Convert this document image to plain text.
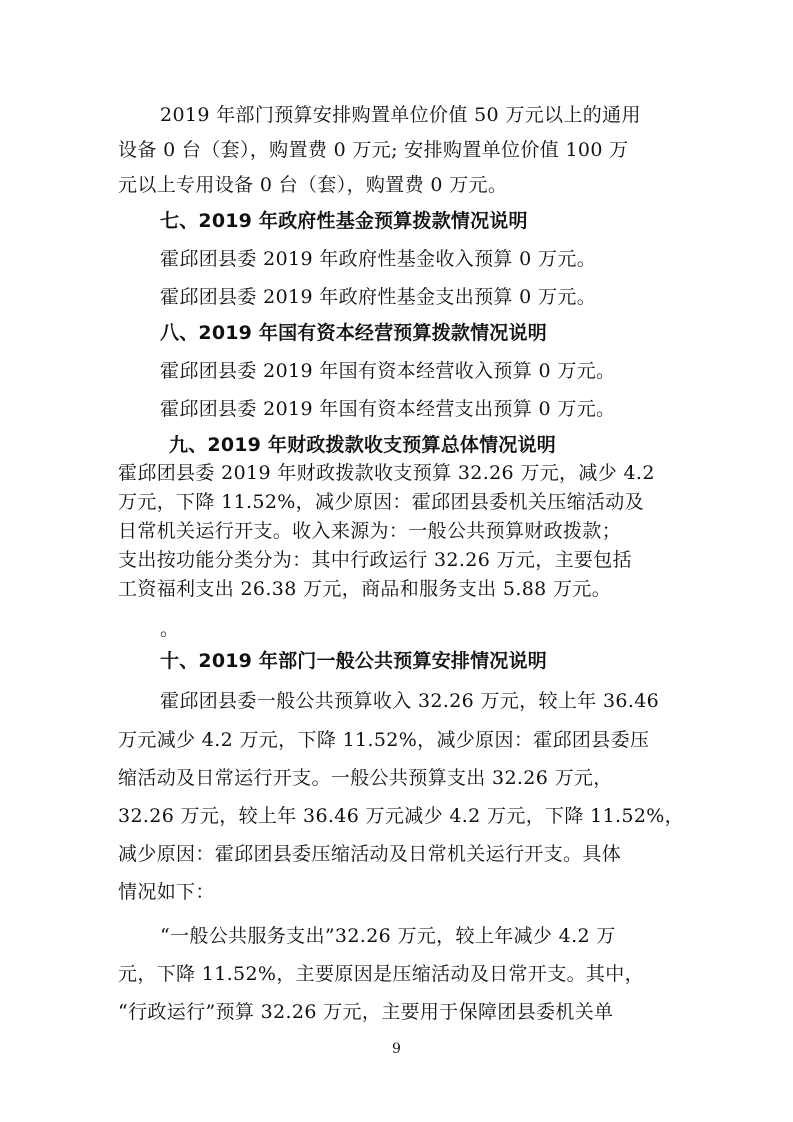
2019 年部门预算安排购置单位价值 50 万元以上的通用
设备 0 台（套），购置费 0 万元; 安排购置单位价值 100 万
元以上专用设备 0 台（套），购置费 0 万元。
七、2019 年政府性基金预算拨款情况说明
霍邱团县委 2019 年政府性基金收入预算 0 万元。
霍邱团县委 2019 年政府性基金支出预算 0 万元。
八、2019 年国有资本经营预算拨款情况说明
霍邱团县委 2019 年国有资本经营收入预算 0 万元。
霍邱团县委 2019 年国有资本经营支出预算 0 万元。
九、2019 年财政拨款收支预算总体情况说明
霍邱团县委 2019 年财政拨款收支预算 32.26 万元，减少 4.2
万元，下降 11.52%，减少原因：霍邱团县委机关压缩活动及
日常机关运行开支。收入来源为：一般公共预算财政拨款；
支出按功能分类分为：其中行政运行 32.26 万元，主要包括
工资福利支出 26.38 万元，商品和服务支出 5.88 万元。
。
十、2019 年部门一般公共预算安排情况说明
霍邱团县委一般公共预算收入 32.26 万元，较上年 36.46
万元减少 4.2 万元，下降 11.52%，减少原因：霍邱团县委压
缩活动及日常运行开支。一般公共预算支出 32.26 万元，
32.26 万元，较上年 36.46 万元减少 4.2 万元，下降 11.52%，
减少原因：霍邱团县委压缩活动及日常机关运行开支。具体
情况如下：
“一般公共服务支出”32.26 万元，较上年减少 4.2 万
元，下降 11.52%，主要原因是压缩活动及日常开支。其中，
“行政运行”预算 32.26 万元，主要用于保障团县委机关单
9
